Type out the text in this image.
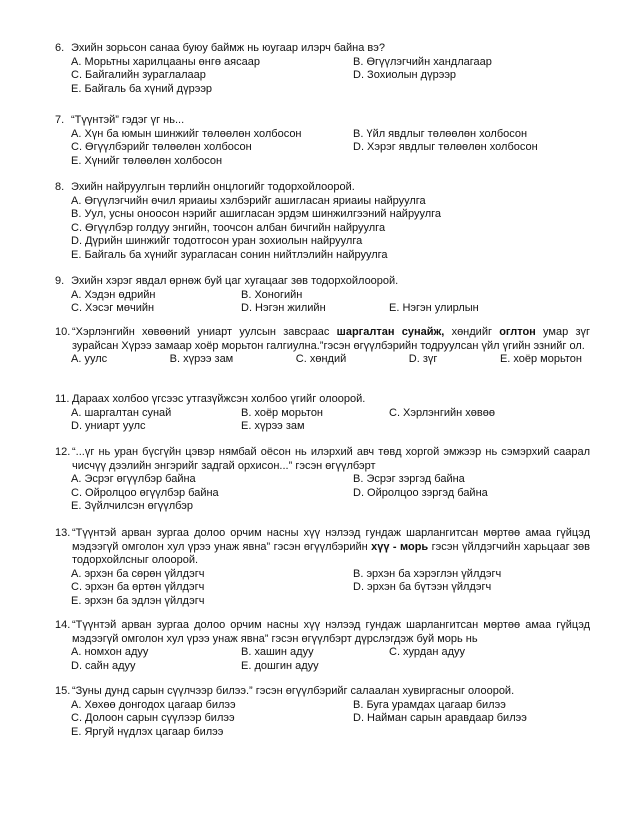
6. Эхийн зорьсон санаа буюу баймж нь юугаар илэрч байна вэ?
А. Морьтны харилцааны өнгө аясаар	В. Өгүүлэгчийн хандлагаар
С. Байгалийн зураглалаар	D. Зохиолын дүрээр
Е. Байгаль ба хүний дүрээр
7. “Түүнтэй” гэдэг үг нь...
А. Хүн ба юмын шинжийг төлөөлөн холбосон	В. Үйл явдлыг төлөөлөн холбосон
С. Өгүүлбэрийг төлөөлөн холбосон	D. Хэрэг явдлыг төлөөлөн холбосон
Е. Хүнийг төлөөлөн холбосон
8. Эхийн найруулгын төрлийн онцлогийг тодорхойлоорой.
А. Өгүүлэгчийн өчил яриаиы хэлбэрийг ашигласан яриаиы найруулга
В. Уул, усны оноосон нэрийг ашигласан эрдэм шинжилгээний найруулга
С. Өгүүлбэр голдуу энгийн, тоочсон албан бичгийн найруулга
D. Дүрийн шинжийг тодотгосон уран зохиолын найруулга
Е. Байгаль ба хүнийг зурагласан сонин нийтлэлийн найруулга
9. Эхийн хэрэг явдал өрнөж буй цаг хугацааг зөв тодорхойлоорой.
А. Хэдэн өдрийн	В. Хоногийн
С. Хэсэг мөчийн	D. Нэгэн жилийн	Е. Нэгэн улирлын
10. “Хэрлэнгийн хөвөөний униарт уулсын завсраас шаргалтан сунайж, хөндийг оглтон умар зүг зурайсан Хүрээ замаар хоёр морьтон галгиулна.”гэсэн өгүүлбэрийн тодруулсан үйл үгийн эзнийг ол.
А. уулс	В. хүрээ зам	С. хөндий	D. зүг	Е. хоёр морьтон
11. Дараах холбоо үгсээс утгазүйжсэн холбоо үгийг олоорой.
А. шаргалтан сунай	В. хоёр морьтон	С. Хэрлэнгийн хөвөө
D. униарт уулс	Е. хүрээ зам
12. “...үг нь уран бүсгүйн цэвэр нямбай оёсон нь илэрхий авч төвд хоргой эмжээр нь сэмэрхий саарал чисчүү дээлийн энгэрийг задгай орхисон...” гэсэн өгүүлбэрт
А. Эсрэг өгүүлбэр байна	В. Эсрэг зэргэд байна
С. Ойролцоо өгүүлбэр байна	D. Ойролцоо зэргэд байна
Е. Зүйлчилсэн өгүүлбэр
13. “Түүнтэй арван зургаа долоо орчим насны хүү нэлээд гундаж шарлангитсан мөртөө амаа гүйцэд мэдээгүй омголон хул үрээ унаж явна” гэсэн өгүүлбэрийн хүү - морь гэсэн үйлдэгчийн харьцааг зөв тодорхойлсныг олоорой.
А. эрхэн ба сөрөн үйлдэгч	В. эрхэн ба хэрэглэн үйлдэгч
С. эрхэн ба өртөн үйлдэгч	D. эрхэн ба бүтээн үйлдэгч
Е. эрхэн ба эдлэн үйлдэгч
14. “Түүнтэй арван зургаа долоо орчим насны хүү нэлээд гундаж шарлангитсан мөртөө амаа гүйцэд мэдээгүй омголон хул үрээ унаж явна” гэсэн өгүүлбэрт дүрслэгдэж буй морь нь
А. номхон адуу	В. хашин адуу	С. хурдан адуу
D. сайн адуу	Е. дошгин адуу
15. “Зуны дунд сарын сүүлчээр билээ.” гэсэн өгүүлбэрийг салаалан хувиргасныг олоорой.
А. Хөхөө донгодох цагаар билээ	В. Буга урамдах цагаар билээ
С. Долоон сарын сүүлээр билээ	D. Найман сарын аравдаар билээ
Е. Яргуй нүдлэх цагаар билээ
